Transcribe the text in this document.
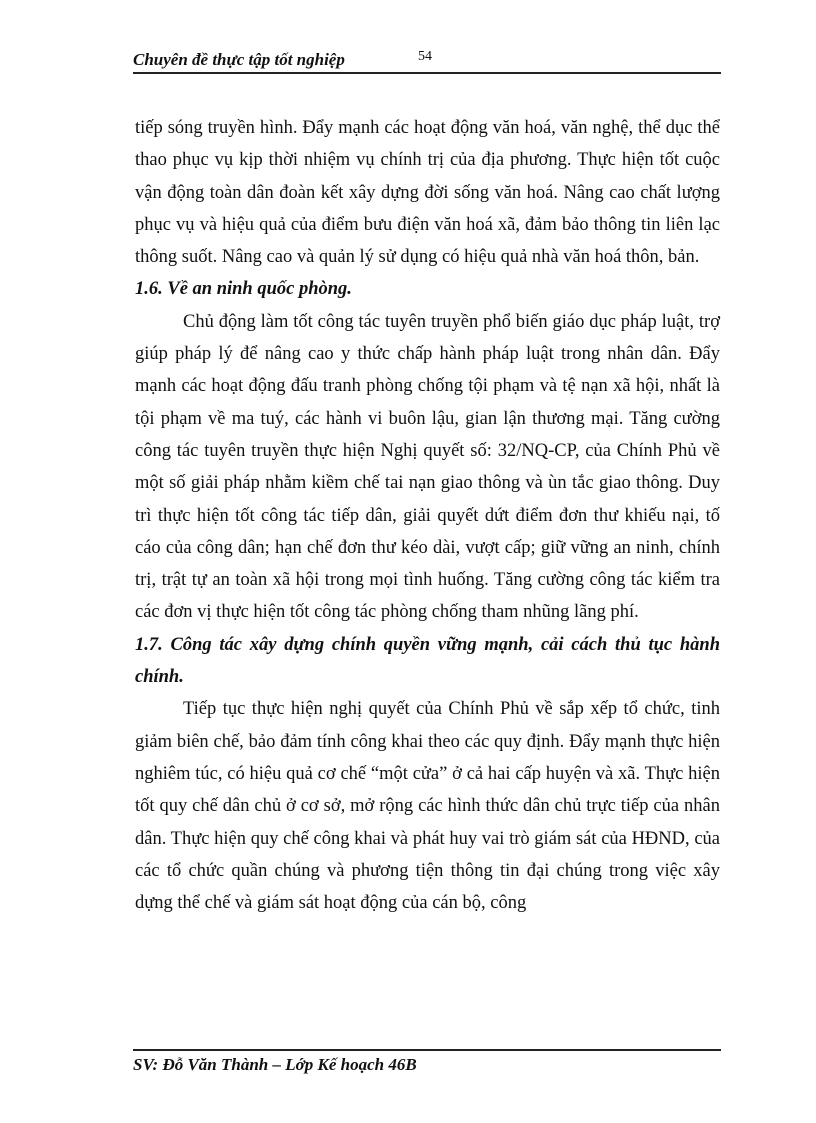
Chuyên đề thực tập tốt nghiệp	54

tiếp sóng truyền hình. Đẩy mạnh các hoạt động văn hoá, văn nghệ, thể dục thể thao phục vụ kịp thời nhiệm vụ chính trị của địa phương. Thực hiện tốt cuộc vận động toàn dân đoàn kết xây dựng đời sống văn hoá. Nâng cao chất lượng phục vụ và hiệu quả của điểm bưu điện văn hoá xã, đảm bảo thông tin liên lạc thông suốt. Nâng cao và quản lý sử dụng có hiệu quả nhà văn hoá thôn, bản.

1.6. Về an ninh quốc phòng.

Chủ động làm tốt công tác tuyên truyền phổ biến giáo dục pháp luật, trợ giúp pháp lý để nâng cao y thức chấp hành pháp luật trong nhân dân. Đẩy mạnh các hoạt động đấu tranh phòng chống tội phạm và tệ nạn xã hội, nhất là tội phạm về ma tuý, các hành vi buôn lậu, gian lận thương mại. Tăng cường công tác tuyên truyền thực hiện Nghị quyết số: 32/NQ-CP, của Chính Phủ về một số giải pháp nhằm kiềm chế tai nạn giao thông và ùn tắc giao thông. Duy trì thực hiện tốt công tác tiếp dân, giải quyết dứt điểm đơn thư khiếu nại, tố cáo của công dân; hạn chế đơn thư kéo dài, vượt cấp; giữ vững an ninh, chính trị, trật tự an toàn xã hội trong mọi tình huống. Tăng cường công tác kiểm tra các đơn vị thực hiện tốt công tác phòng chống tham nhũng lãng phí.

1.7. Công tác xây dựng chính quyền vững mạnh, cải cách thủ tục hành chính.

Tiếp tục thực hiện nghị quyết của Chính Phủ về sắp xếp tổ chức, tinh giảm biên chế, bảo đảm tính công khai theo các quy định. Đẩy mạnh thực hiện nghiêm túc, có hiệu quả cơ chế “một cửa” ở cả hai cấp huyện và xã. Thực hiện tốt quy chế dân chủ ở cơ sở, mở rộng các hình thức dân chủ trực tiếp của nhân dân. Thực hiện quy chế công khai và phát huy vai trò giám sát của HĐND, của các tổ chức quần chúng và phương tiện thông tin đại chúng trong việc xây dựng thể chế và giám sát hoạt động của cán bộ, công

SV: Đỗ Văn Thành – Lớp Kế hoạch 46B
